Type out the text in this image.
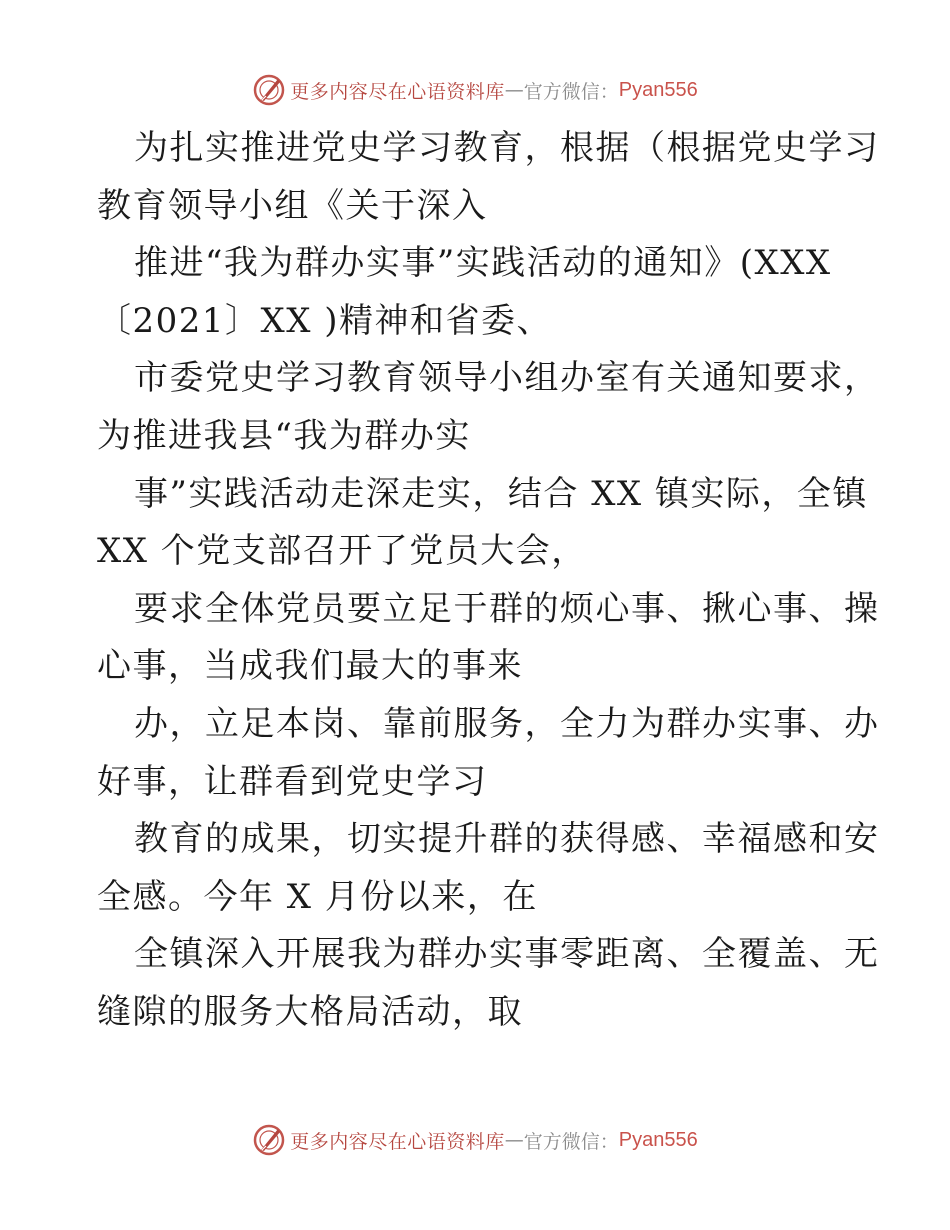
更多内容尽在心语资料库 — 官方微信： Pyan556
为扎实推进党史学习教育，根据（根据党史学习
教育领导小组《关于深入
推进“我为群办实事”实践活动的通知》(XXX
〔2021〕XX )精神和省委、
市委党史学习教育领导小组办室有关通知要求，
为推进我县“我为群办实
事”实践活动走深走实，结合 XX 镇实际，全镇
XX 个党支部召开了党员大会，
要求全体党员要立足于群的烦心事、揪心事、操
心事，当成我们最大的事来
办，立足本岗、靠前服务，全力为群办实事、办
好事，让群看到党史学习
教育的成果，切实提升群的获得感、幸福感和安
全感。今年 X 月份以来，在
全镇深入开展我为群办实事零距离、全覆盖、无
缝隙的服务大格局活动，取
更多内容尽在心语资料库 — 官方微信： Pyan556
